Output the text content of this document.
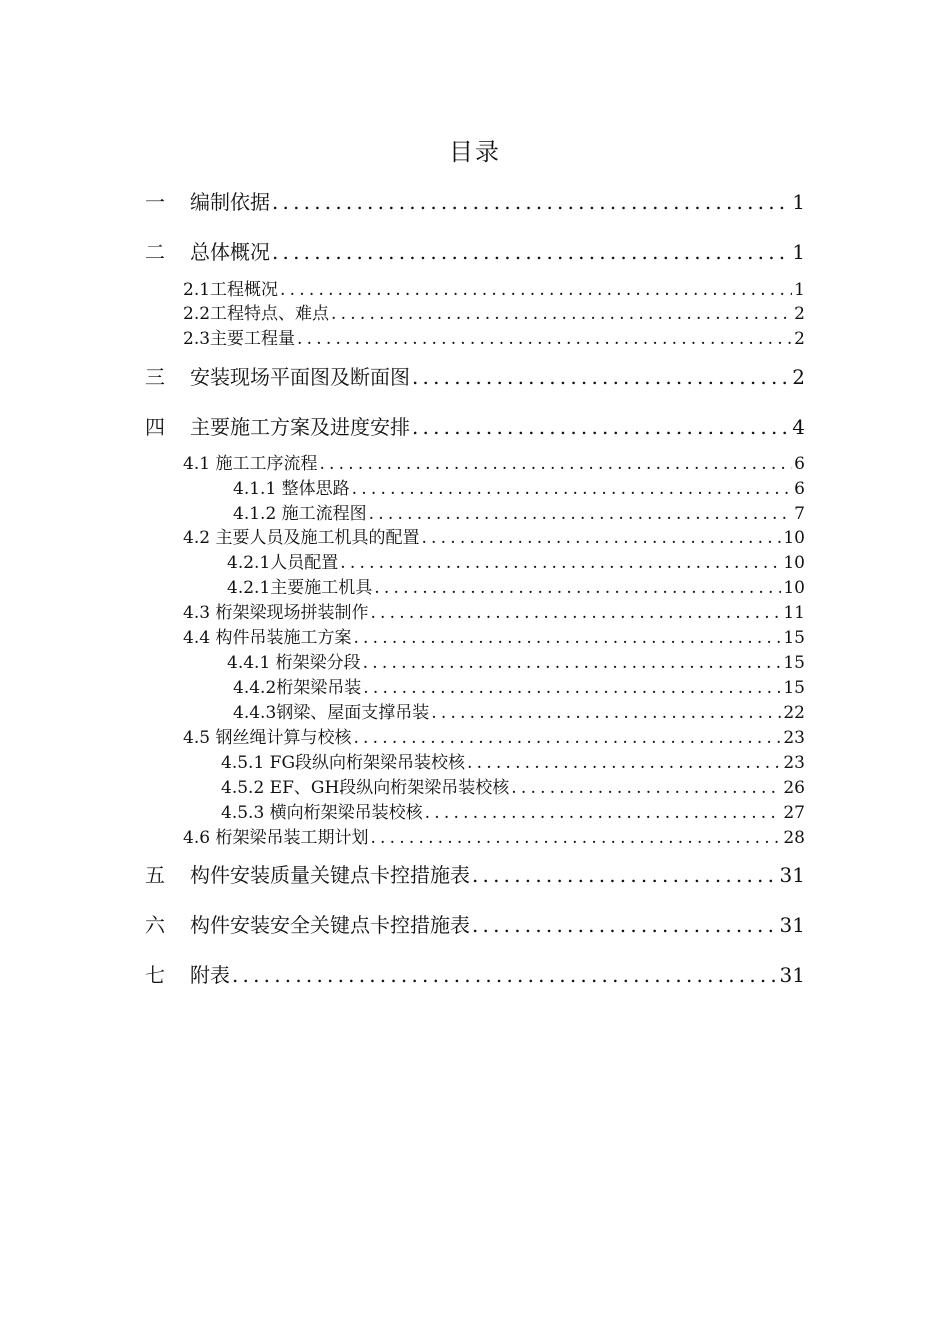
目录
一	编制依据 .....	1
二	总体概况 .....	1
2.1工程概况 .....	1
2.2工程特点、难点 .....	2
2.3主要工程量 .....	2
三	安装现场平面图及断面图 .....	2
四	主要施工方案及进度安排 .....	4
4.1 施工工序流程 .....	6
4.1.1 整体思路 .....	6
4.1.2 施工流程图 .....	7
4.2 主要人员及施工机具的配置 .....	10
4.2.1人员配置 .....	10
4.2.1主要施工机具 .....	10
4.3 桁架梁现场拼装制作 .....	11
4.4 构件吊装施工方案 .....	15
4.4.1 桁架梁分段 .....	15
4.4.2桁架梁吊装 .....	15
4.4.3钢梁、屋面支撑吊装 .....	22
4.5 钢丝绳计算与校核 .....	23
4.5.1 FG段纵向桁架梁吊装校核 .....	23
4.5.2 EF、GH段纵向桁架梁吊装校核 .....	26
4.5.3 横向桁架梁吊装校核 .....	27
4.6 桁架梁吊装工期计划 .....	28
五	构件安装质量关键点卡控措施表 .....	31
六	构件安装安全关键点卡控措施表 .....	31
七	附表 .....	31
